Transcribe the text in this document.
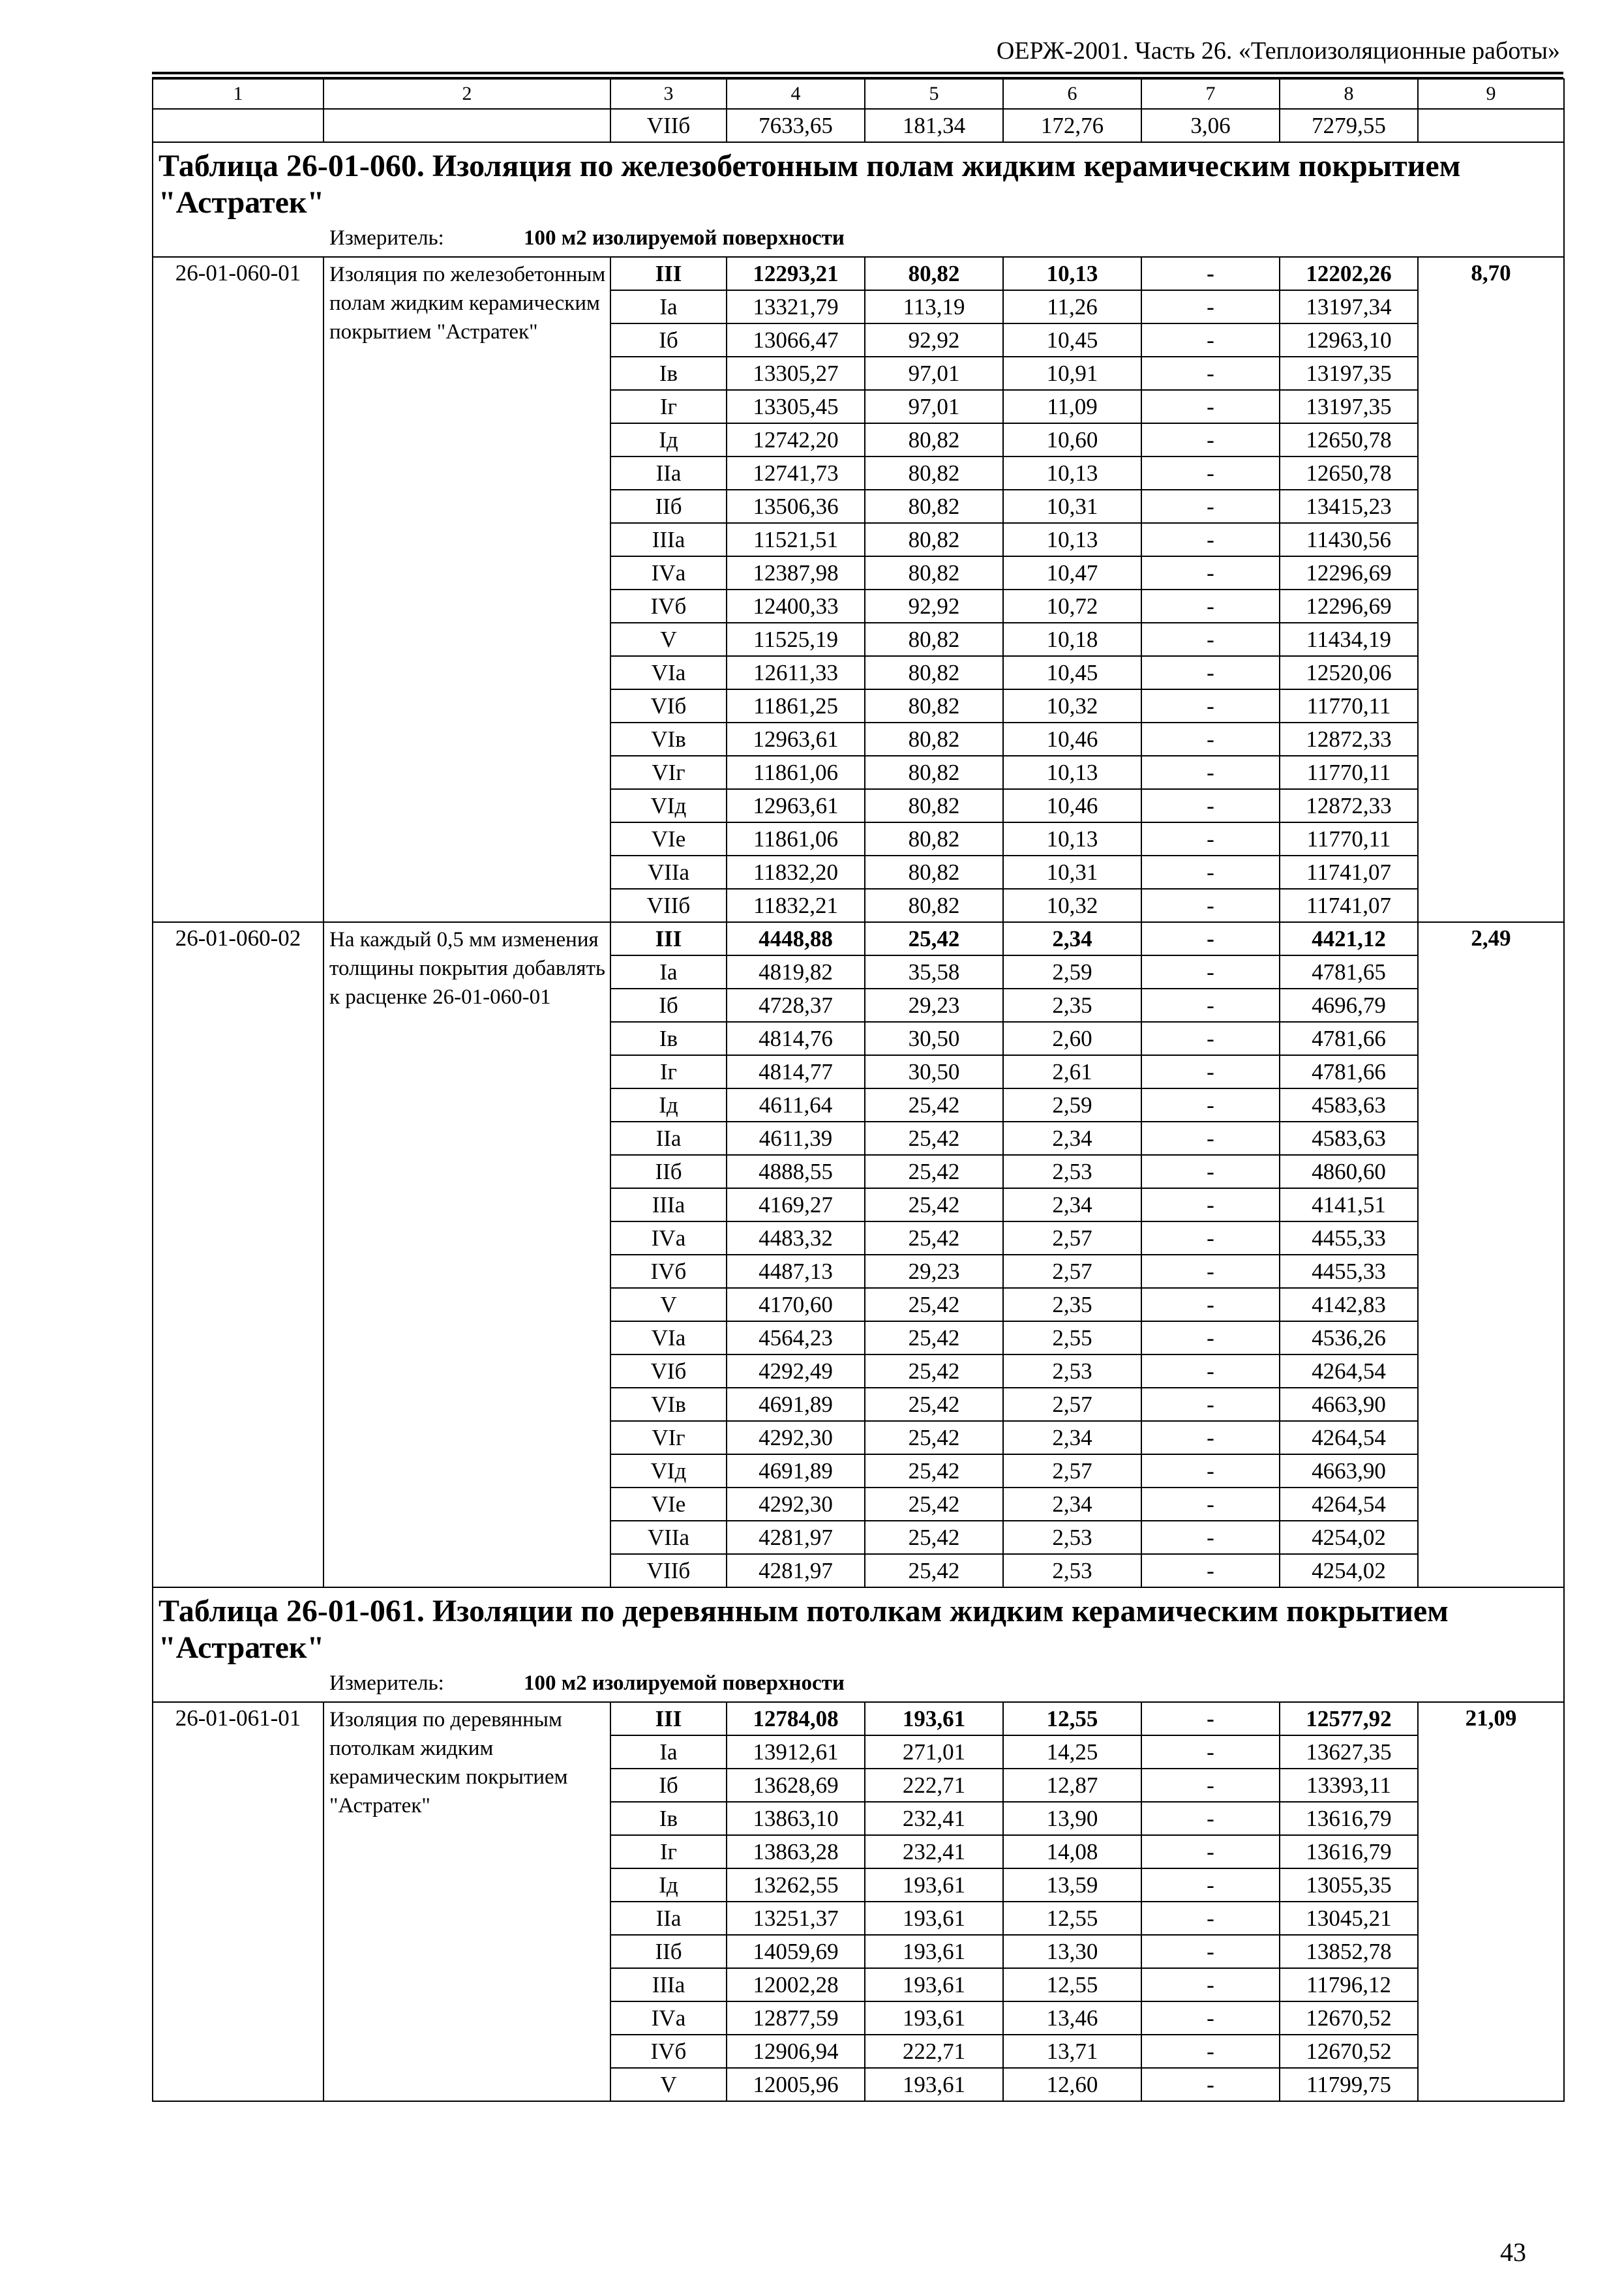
ОЕРЖ-2001. Часть 26. «Теплоизоляционные работы»
1	2	3	4	5	6	7	8	9
		VIIб	7633,65	181,34	172,76	3,06	7279,55	

Таблица 26-01-060. Изоляция по железобетонным полам жидким керамическим покрытием "Астратек"
Измеритель: 100 м2 изолируемой поверхности								

26-01-060-01	Изоляция по железобетонным полам жидким керамическим покрытием "Астратек"	III	12293,21	80,82	10,13	-	12202,26	8,70
		Iа	13321,79	113,19	11,26	-	13197,34	
		Iб	13066,47	92,92	10,45	-	12963,10	
		Iв	13305,27	97,01	10,91	-	13197,35	
		Iг	13305,45	97,01	11,09	-	13197,35	
		Iд	12742,20	80,82	10,60	-	12650,78	
		IIа	12741,73	80,82	10,13	-	12650,78	
		IIб	13506,36	80,82	10,31	-	13415,23	
		IIIа	11521,51	80,82	10,13	-	11430,56	
		IVа	12387,98	80,82	10,47	-	12296,69	
		IVб	12400,33	92,92	10,72	-	12296,69	
		V	11525,19	80,82	10,18	-	11434,19	
		VIа	12611,33	80,82	10,45	-	12520,06	
		VIб	11861,25	80,82	10,32	-	11770,11	
		VIв	12963,61	80,82	10,46	-	12872,33	
		VIг	11861,06	80,82	10,13	-	11770,11	
		VIд	12963,61	80,82	10,46	-	12872,33	
		VIе	11861,06	80,82	10,13	-	11770,11	
		VIIа	11832,20	80,82	10,31	-	11741,07	
		VIIб	11832,21	80,82	10,32	-	11741,07	
26-01-060-02	На каждый 0,5 мм изменения толщины покрытия добавлять к расценке 26-01-060-01	III	4448,88	25,42	2,34	-	4421,12	2,49
		Iа	4819,82	35,58	2,59	-	4781,65	
		Iб	4728,37	29,23	2,35	-	4696,79	
		Iв	4814,76	30,50	2,60	-	4781,66	
		Iг	4814,77	30,50	2,61	-	4781,66	
		Iд	4611,64	25,42	2,59	-	4583,63	
		IIа	4611,39	25,42	2,34	-	4583,63	
		IIб	4888,55	25,42	2,53	-	4860,60	
		IIIа	4169,27	25,42	2,34	-	4141,51	
		IVа	4483,32	25,42	2,57	-	4455,33	
		IVб	4487,13	29,23	2,57	-	4455,33	
		V	4170,60	25,42	2,35	-	4142,83	
		VIа	4564,23	25,42	2,55	-	4536,26	
		VIб	4292,49	25,42	2,53	-	4264,54	
		VIв	4691,89	25,42	2,57	-	4663,90	
		VIг	4292,30	25,42	2,34	-	4264,54	
		VIд	4691,89	25,42	2,57	-	4663,90	
		VIе	4292,30	25,42	2,34	-	4264,54	
		VIIа	4281,97	25,42	2,53	-	4254,02	
		VIIб	4281,97	25,42	2,53	-	4254,02	

Таблица 26-01-061. Изоляции по деревянным потолкам жидким керамическим покрытием "Астратек"
Измеритель: 100 м2 изолируемой поверхности								

26-01-061-01	Изоляция по деревянным потолкам жидким керамическим покрытием "Астратек"	III	12784,08	193,61	12,55	-	12577,92	21,09
		Iа	13912,61	271,01	14,25	-	13627,35	
		Iб	13628,69	222,71	12,87	-	13393,11	
		Iв	13863,10	232,41	13,90	-	13616,79	
		Iг	13863,28	232,41	14,08	-	13616,79	
		Iд	13262,55	193,61	13,59	-	13055,35	
		IIа	13251,37	193,61	12,55	-	13045,21	
		IIб	14059,69	193,61	13,30	-	13852,78	
		IIIа	12002,28	193,61	12,55	-	11796,12	
		IVа	12877,59	193,61	13,46	-	12670,52	
		IVб	12906,94	222,71	13,71	-	12670,52	
		V	12005,96	193,61	12,60	-	11799,75	
43
